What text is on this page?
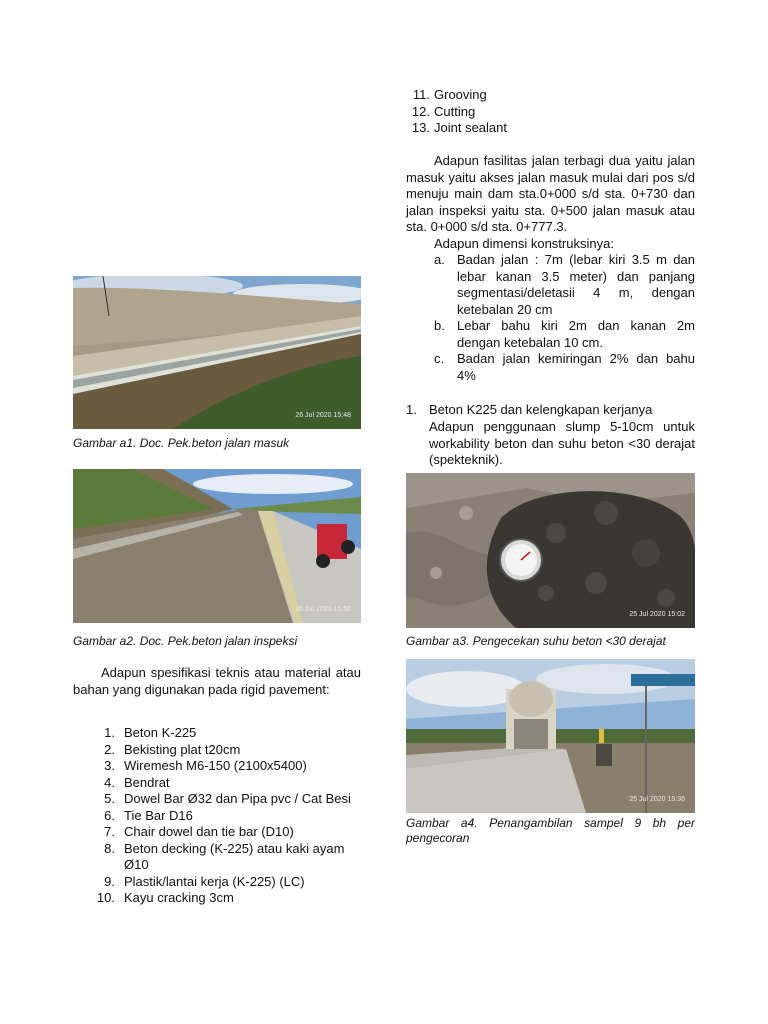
11. Grooving
12. Cutting
13. Joint sealant

Adapun fasilitas jalan terbagi dua yaitu jalan masuk yaitu akses jalan masuk mulai dari pos s/d menuju main dam sta.0+000 s/d sta. 0+730 dan jalan inspeksi yaitu sta. 0+500 jalan masuk atau sta. 0+000 s/d sta. 0+777.3.

Adapun dimensi konstruksinya:

a. Badan jalan : 7m (lebar kiri 3.5 m dan lebar kanan 3.5 meter) dan panjang segmentasi/deletasii 4 m, dengan ketebalan 20 cm
b. Lebar bahu kiri 2m dan kanan 2m dengan ketebalan 10 cm.
c. Badan jalan kemiringan 2% dan bahu 4%
1. Beton K225 dan kelengkapan kerjanya

Adapun penggunaan slump 5-10cm untuk workability beton dan suhu beton <30 derajat (spekteknik).

25 Jul 2020 15:02
Gambar a3. Pengecekan suhu beton <30 derajat
25 Jul 2020 15:36
Gambar a4. Penangambilan sampel 9 bh per pengecoran
26 Jul 2020 15:48
Gambar a1. Doc. Pek.beton jalan masuk
26 Jul 2020 15:52
Gambar a2. Doc. Pek.beton jalan inspeksi

Adapun spesifikasi teknis atau material atau bahan yang digunakan pada rigid pavement:

1. Beton K-225
2. Bekisting plat t20cm
3. Wiremesh M6-150 (2100x5400)
4. Bendrat
5. Dowel Bar Ø32 dan Pipa pvc / Cat Besi
6. Tie Bar D16
7. Chair dowel dan tie bar (D10)
8. Beton decking (K-225) atau kaki ayam Ø10
9. Plastik/lantai kerja (K-225) (LC)
10. Kayu cracking 3cm
